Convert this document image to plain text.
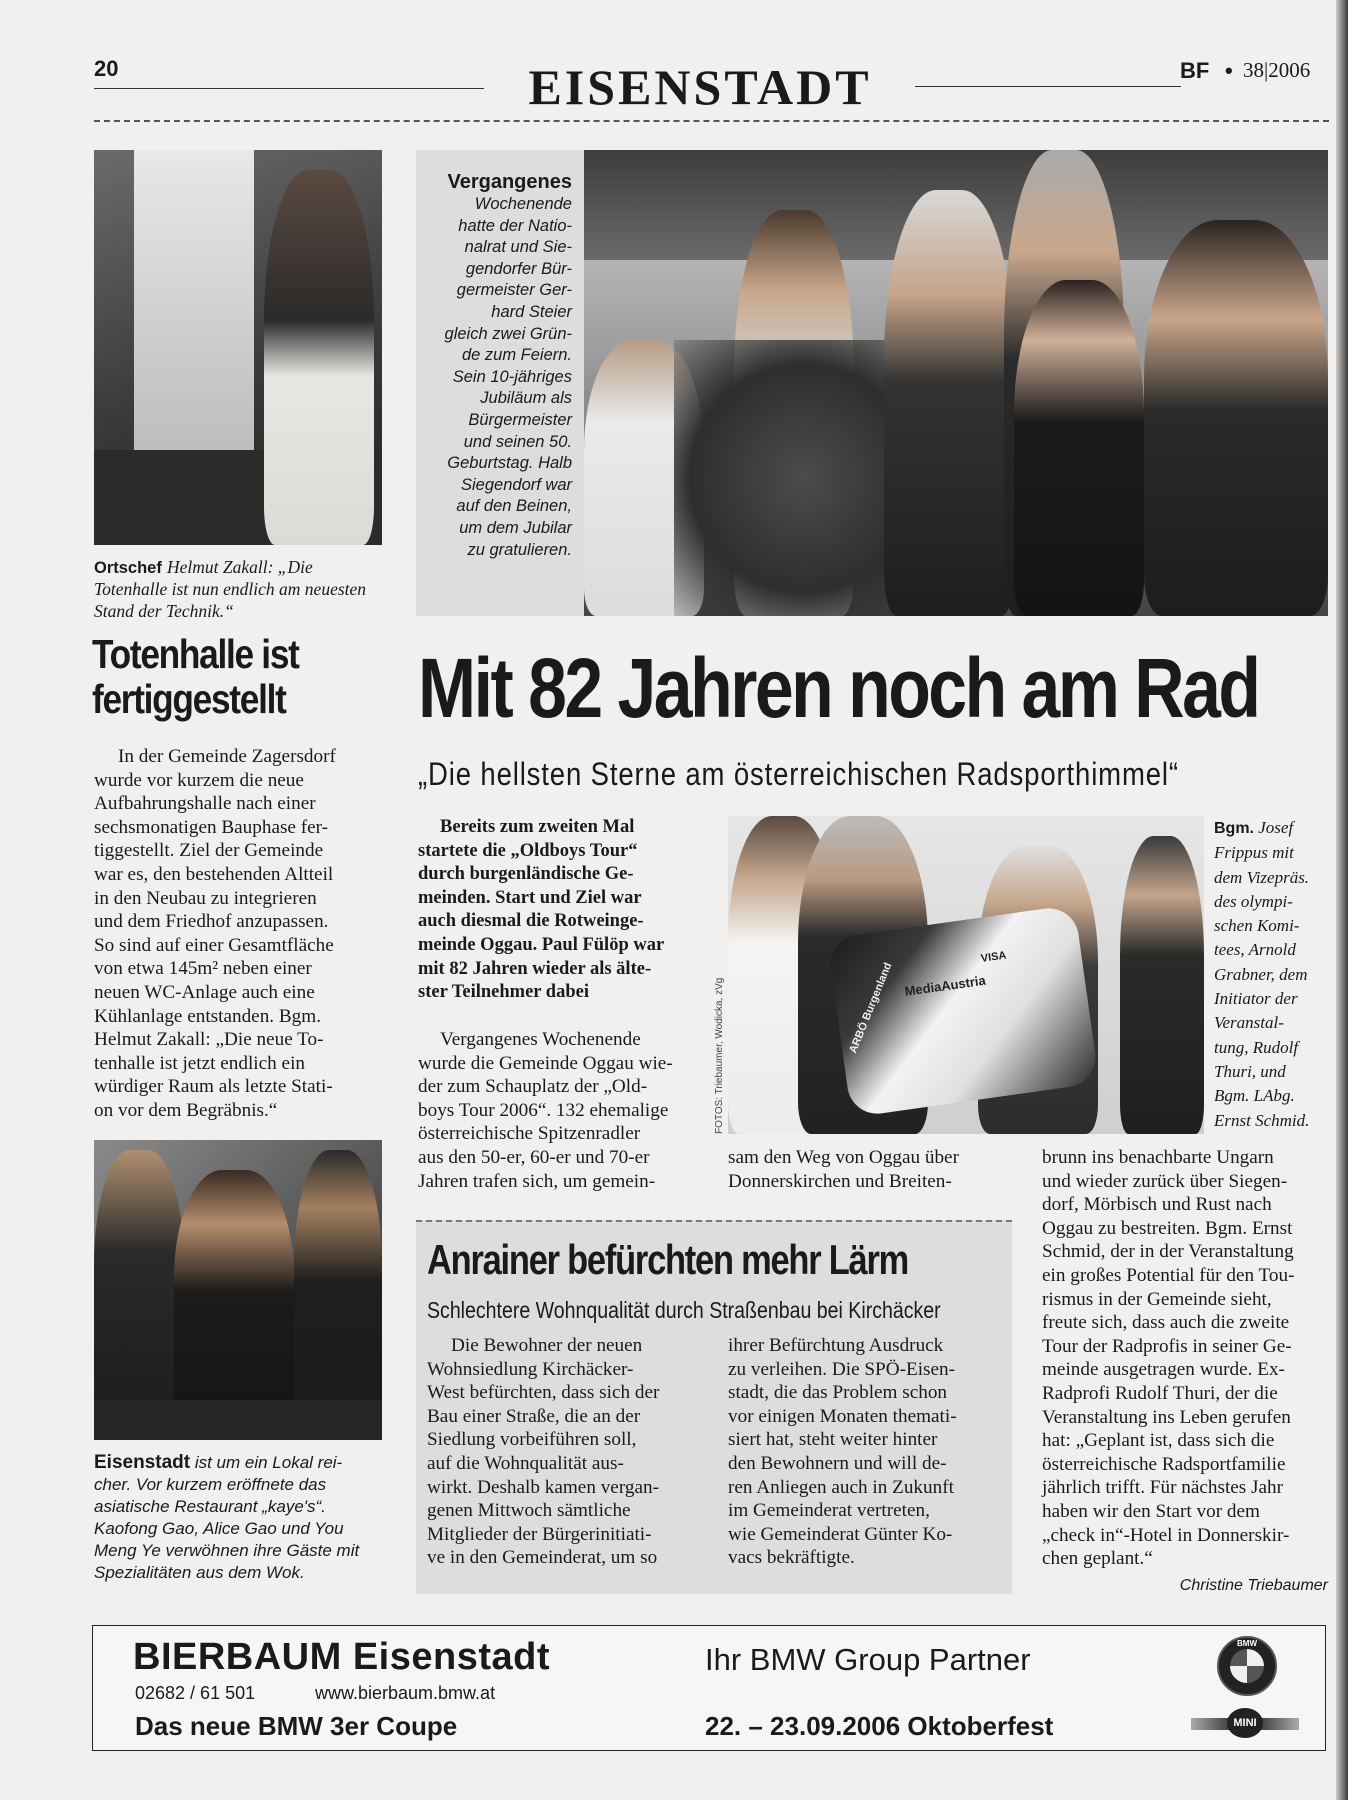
20	EISENSTADT	BF • 38|2006
Ortschef Helmut Zakall: „Die Totenhalle ist nun endlich am neuesten Stand der Technik.“
Totenhalle ist
fertiggestellt
In der Gemeinde Zagersdorf
wurde vor kurzem die neue
Aufbahrungshalle nach einer
sechsmonatigen Bauphase fer-
tiggestellt. Ziel der Gemeinde
war es, den bestehenden Altteil
in den Neubau zu integrieren
und dem Friedhof anzupassen.
So sind auf einer Gesamtfläche
von etwa 145m² neben einer
neuen WC-Anlage auch eine
Kühlanlage entstanden. Bgm.
Helmut Zakall: „Die neue To-
tenhalle ist jetzt endlich ein
würdiger Raum als letzte Stati-
on vor dem Begräbnis.“
Eisenstadt ist um ein Lokal rei-
cher. Vor kurzem eröffnete das
asiatische Restaurant „kaye's“.
Kaofong Gao, Alice Gao und You
Meng Ye verwöhnen ihre Gäste mit
Spezialitäten aus dem Wok.
Vergangenes
Wochenende
hatte der Natio-
nalrat und Sie-
gendorfer Bür-
germeister Ger-
hard Steier
gleich zwei Grün-
de zum Feiern.
Sein 10-jähriges
Jubiläum als
Bürgermeister
und seinen 50.
Geburtstag. Halb
Siegendorf war
auf den Beinen,
um dem Jubilar
zu gratulieren.
Mit 82 Jahren noch am Rad
„Die hellsten Sterne am österreichischen Radsporthimmel“
Bereits zum zweiten Mal
startete die „Oldboys Tour“
durch burgenländische Ge-
meinden. Start und Ziel war
auch diesmal die Rotweinge-
meinde Oggau. Paul Fülöp war
mit 82 Jahren wieder als älte-
ster Teilnehmer dabei
Vergangenes Wochenende
wurde die Gemeinde Oggau wie-
der zum Schauplatz der „Old-
boys Tour 2006“. 132 ehemalige
österreichische Spitzenradler
aus den 50-er, 60-er und 70-er
Jahren trafen sich, um gemein-
MediaAustria
ARBÖ Burgenland
VISA
FOTOS: Triebaumer, Wodicka, zVg
Bgm. Josef
Frippus mit
dem Vizepräs.
des olympi-
schen Komi-
tees, Arnold
Grabner, dem
Initiator der
Veranstal-
tung, Rudolf
Thuri, und
Bgm. LAbg.
Ernst Schmid.
sam den Weg von Oggau über
Donnerskirchen und Breiten-
brunn ins benachbarte Ungarn
und wieder zurück über Siegen-
dorf, Mörbisch und Rust nach
Oggau zu bestreiten. Bgm. Ernst
Schmid, der in der Veranstaltung
ein großes Potential für den Tou-
rismus in der Gemeinde sieht,
freute sich, dass auch die zweite
Tour der Radprofis in seiner Ge-
meinde ausgetragen wurde. Ex-
Radprofi Rudolf Thuri, der die
Veranstaltung ins Leben gerufen
hat: „Geplant ist, dass sich die
österreichische Radsportfamilie
jährlich trifft. Für nächstes Jahr
haben wir den Start vor dem
„check in“-Hotel in Donnerskir-
chen geplant.“
Christine Triebaumer
Anrainer befürchten mehr Lärm
Schlechtere Wohnqualität durch Straßenbau bei Kirchäcker
Die Bewohner der neuen
Wohnsiedlung Kirchäcker-
West befürchten, dass sich der
Bau einer Straße, die an der
Siedlung vorbeiführen soll,
auf die Wohnqualität aus-
wirkt. Deshalb kamen vergan-
genen Mittwoch sämtliche
Mitglieder der Bürgerinitiati-
ve in den Gemeinderat, um so
ihrer Befürchtung Ausdruck
zu verleihen. Die SPÖ-Eisen-
stadt, die das Problem schon
vor einigen Monaten themati-
siert hat, steht weiter hinter
den Bewohnern und will de-
ren Anliegen auch in Zukunft
im Gemeinderat vertreten,
wie Gemeinderat Günter Ko-
vacs bekräftigte.
BIERBAUM Eisenstadt
02682 / 61 501	www.bierbaum.bmw.at
Das neue BMW 3er Coupe
Ihr BMW Group Partner
22. – 23.09.2006 Oktoberfest
BMW
MINI
